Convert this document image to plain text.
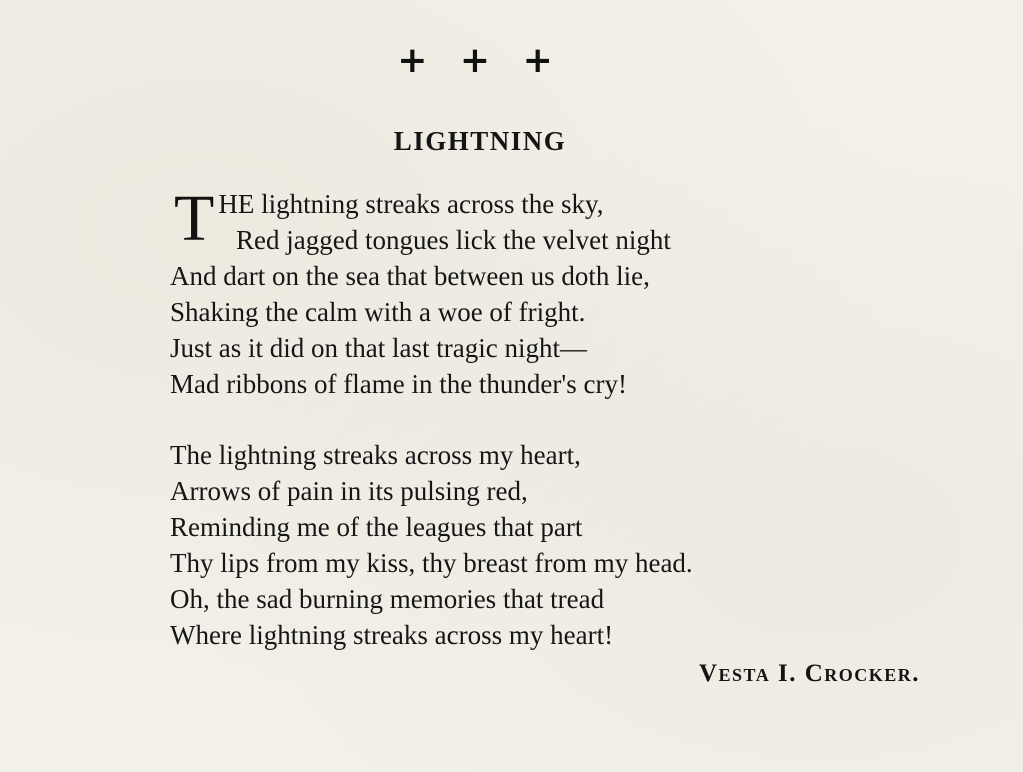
+ + +
LIGHTNING
T HE lightning streaks across the sky,
Red jagged tongues lick the velvet night
And dart on the sea that between us doth lie,
Shaking the calm with a woe of fright.
Just as it did on that last tragic night—
Mad ribbons of flame in the thunder's cry!
The lightning streaks across my heart,
Arrows of pain in its pulsing red,
Reminding me of the leagues that part
Thy lips from my kiss, thy breast from my head.
Oh, the sad burning memories that tread
Where lightning streaks across my heart!
Vesta I. Crocker.
